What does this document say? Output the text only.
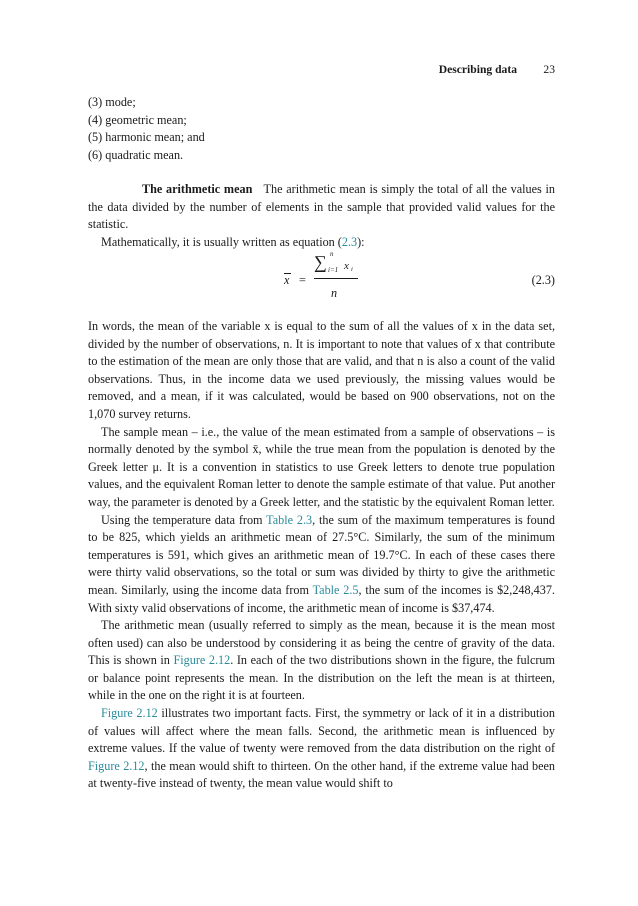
Describing data 23
(3) mode;
(4) geometric mean;
(5) harmonic mean; and
(6) quadratic mean.

The arithmetic mean The arithmetic mean is simply the total of all the values in the data divided by the number of elements in the sample that provided valid values for the statistic.

Mathematically, it is usually written as equation (2.3):

x =
∑ n
i=1 x i
n
(2.3)

In words, the mean of the variable x is equal to the sum of all the values of x in the data set, divided by the number of observations, n. It is important to note that values of x that contribute to the estimation of the mean are only those that are valid, and that n is also a count of the valid observations. Thus, in the income data we used previously, the missing values would be removed, and a mean, if it was calculated, would be based on 900 observations, not on the 1,070 survey returns.

The sample mean – i.e., the value of the mean estimated from a sample of observations – is normally denoted by the symbol x̄, while the true mean from the population is denoted by the Greek letter μ. It is a convention in statistics to use Greek letters to denote true population values, and the equivalent Roman letter to denote the sample estimate of that value. Put another way, the parameter is denoted by a Greek letter, and the statistic by the equivalent Roman letter.

Using the temperature data from Table 2.3, the sum of the maximum temperatures is found to be 825, which yields an arithmetic mean of 27.5°C. Similarly, the sum of the minimum temperatures is 591, which gives an arithmetic mean of 19.7°C. In each of these cases there were thirty valid observations, so the total or sum was divided by thirty to give the arithmetic mean. Similarly, using the income data from Table 2.5, the sum of the incomes is $2,248,437. With sixty valid observations of income, the arithmetic mean of income is $37,474.

The arithmetic mean (usually referred to simply as the mean, because it is the mean most often used) can also be understood by considering it as being the centre of gravity of the data. This is shown in Figure 2.12. In each of the two distributions shown in the figure, the fulcrum or balance point represents the mean. In the distribution on the left the mean is at thirteen, while in the one on the right it is at fourteen.

Figure 2.12 illustrates two important facts. First, the symmetry or lack of it in a distribution of values will affect where the mean falls. Second, the arithmetic mean is influenced by extreme values. If the value of twenty were removed from the data distribution on the right of Figure 2.12, the mean would shift to thirteen. On the other hand, if the extreme value had been at twenty-five instead of twenty, the mean value would shift to
